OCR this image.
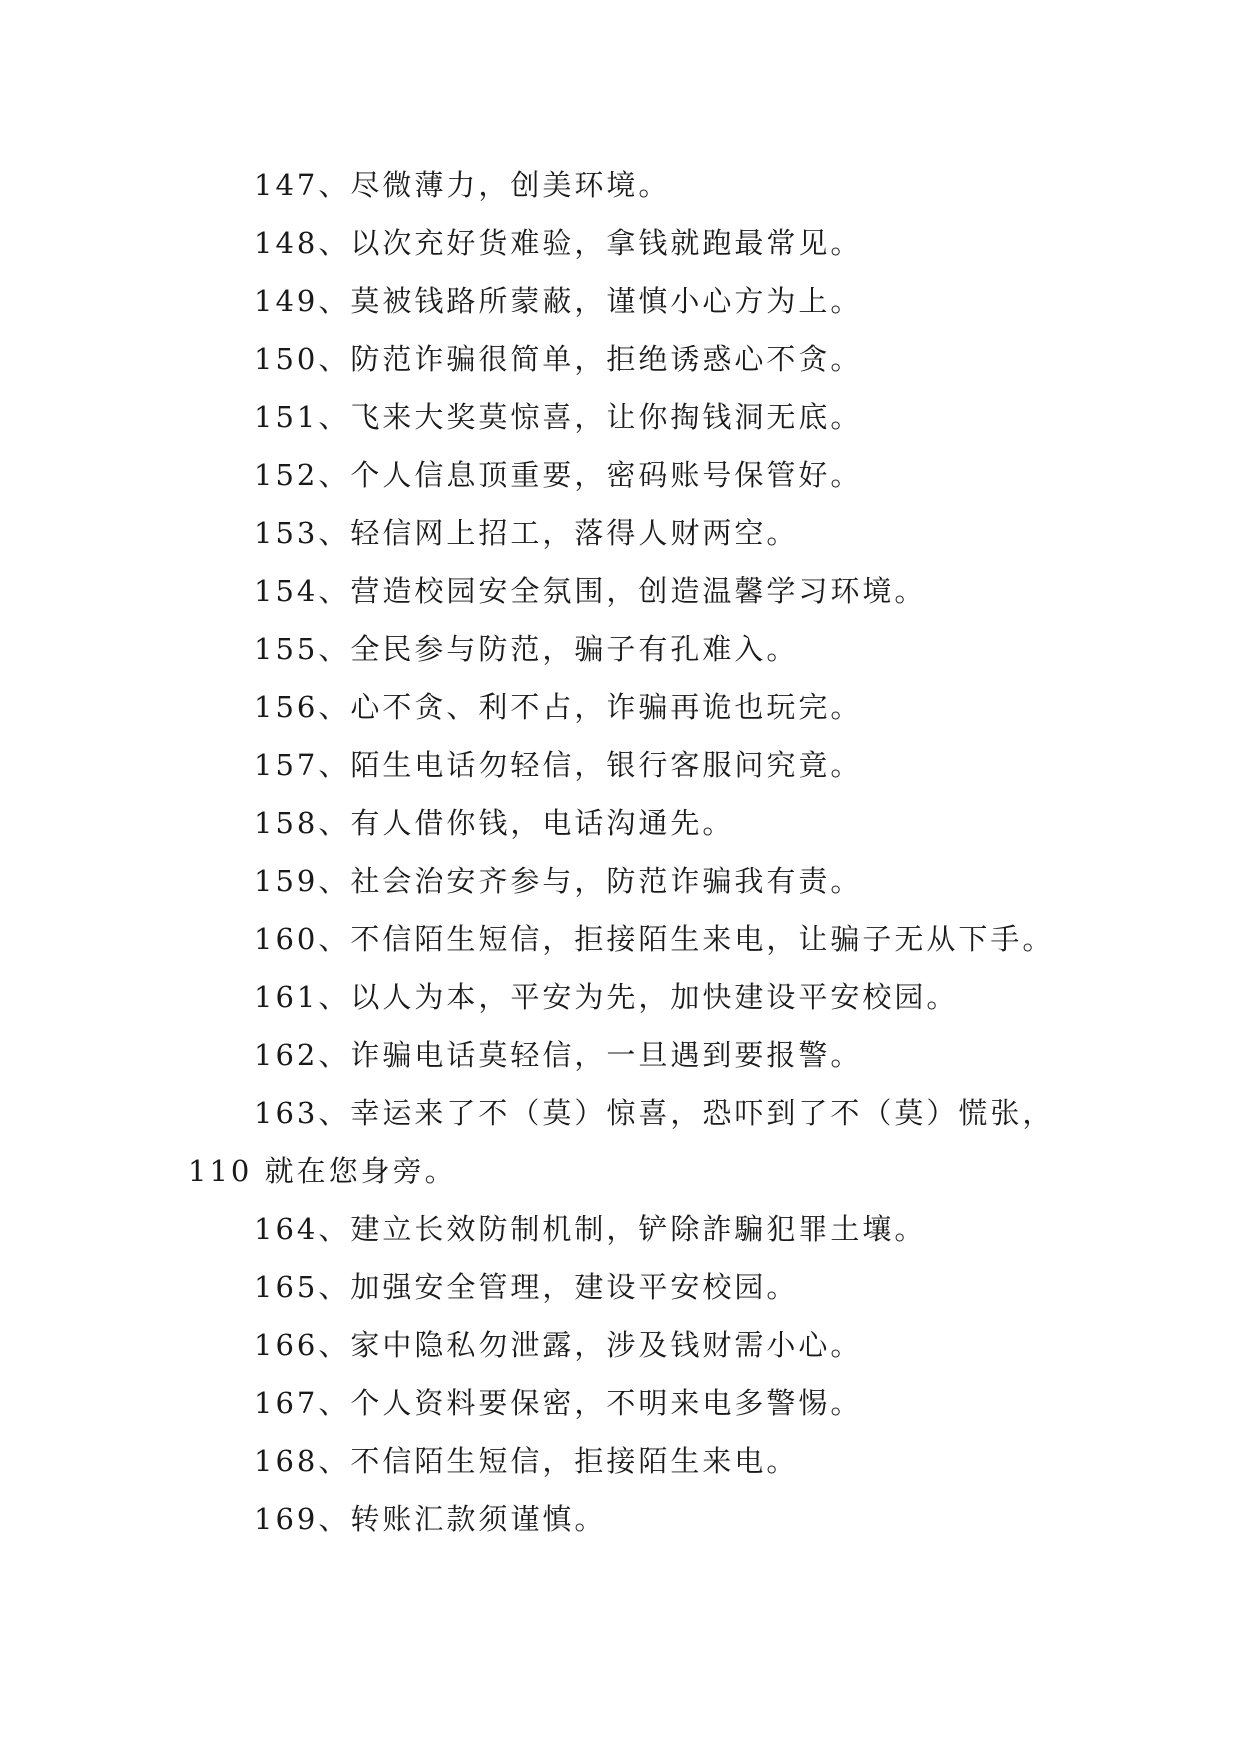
147、尽微薄力，创美环境。
148、以次充好货难验，拿钱就跑最常见。
149、莫被钱路所蒙蔽，谨慎小心方为上。
150、防范诈骗很简单，拒绝诱惑心不贪。
151、飞来大奖莫惊喜，让你掏钱洞无底。
152、个人信息顶重要，密码账号保管好。
153、轻信网上招工，落得人财两空。
154、营造校园安全氛围，创造温馨学习环境。
155、全民参与防范，骗子有孔难入。
156、心不贪、利不占，诈骗再诡也玩完。
157、陌生电话勿轻信，银行客服问究竟。
158、有人借你钱，电话沟通先。
159、社会治安齐参与，防范诈骗我有责。
160、不信陌生短信，拒接陌生来电，让骗子无从下手。
161、以人为本，平安为先，加快建设平安校园。
162、诈骗电话莫轻信，一旦遇到要报警。
163、幸运来了不（莫）惊喜，恐吓到了不（莫）慌张，
110 就在您身旁。
164、建立长效防制机制，铲除詐騙犯罪土壤。
165、加强安全管理，建设平安校园。
166、家中隐私勿泄露，涉及钱财需小心。
167、个人资料要保密，不明来电多警惕。
168、不信陌生短信，拒接陌生来电。
169、转账汇款须谨慎。
